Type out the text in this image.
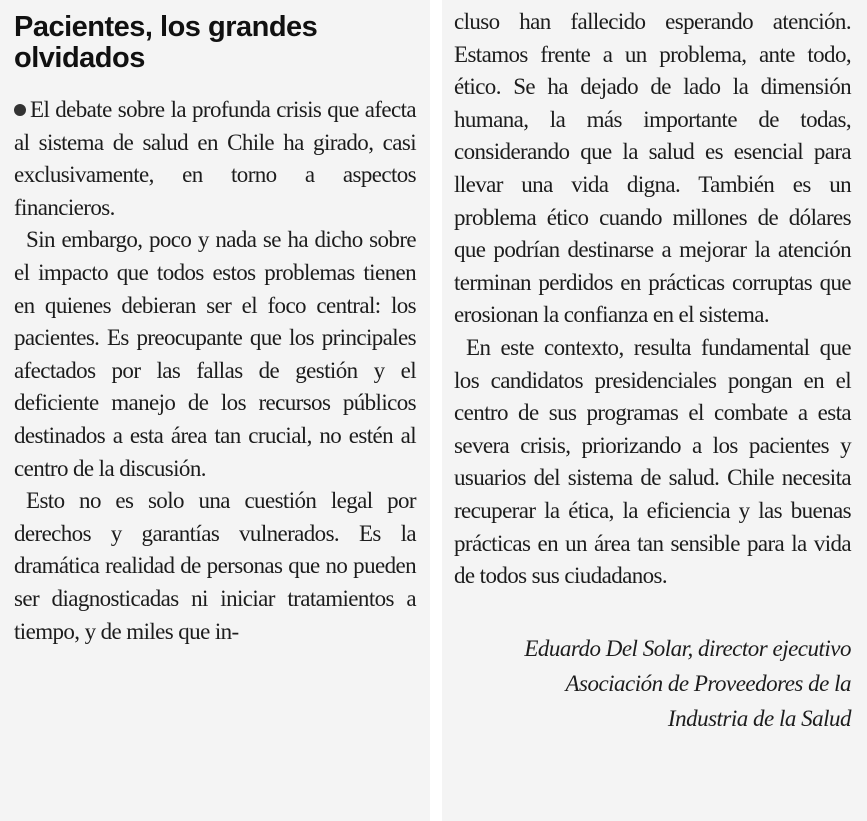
Pacientes, los grandes olvidados

El debate sobre la profunda crisis que afecta al sistema de salud en Chile ha girado, casi exclusivamente, en torno a aspectos financieros.

Sin embargo, poco y nada se ha dicho sobre el impacto que todos estos problemas tienen en quienes debieran ser el foco central: los pacientes. Es preocupante que los principales afectados por las fallas de gestión y el deficiente manejo de los recursos públicos destinados a esta área tan crucial, no estén al centro de la discusión.

Esto no es solo una cuestión legal por derechos y garantías vulnerados. Es la dramática realidad de personas que no pueden ser diagnosticadas ni iniciar tratamientos a tiempo, y de miles que in-

cluso han fallecido esperando atención. Estamos frente a un problema, ante todo, ético. Se ha dejado de lado la dimensión humana, la más importante de todas, considerando que la salud es esencial para llevar una vida digna. También es un problema ético cuando millones de dólares que podrían destinarse a mejorar la atención terminan perdidos en prácticas corruptas que erosionan la confianza en el sistema.

En este contexto, resulta fundamental que los candidatos presidenciales pongan en el centro de sus programas el combate a esta severa crisis, priorizando a los pacientes y usuarios del sistema de salud. Chile necesita recuperar la ética, la eficiencia y las buenas prácticas en un área tan sensible para la vida de todos sus ciudadanos.

Eduardo Del Solar, director ejecutivo
Asociación de Proveedores de la
Industria de la Salud
